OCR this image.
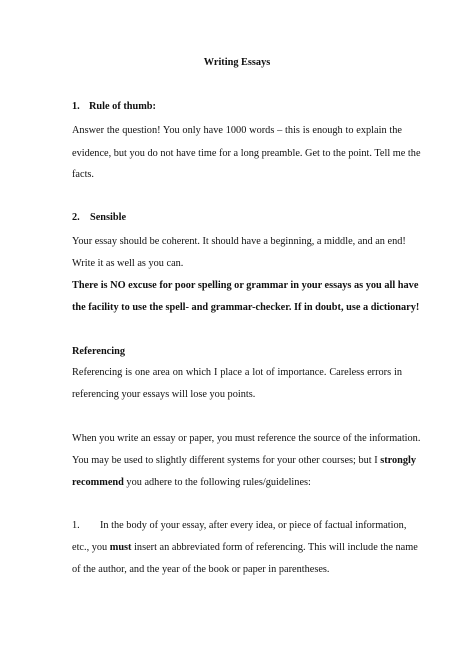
Writing Essays
1. Rule of thumb:
Answer the question! You only have 1000 words – this is enough to explain the
evidence, but you do not have time for a long preamble. Get to the point. Tell me the
facts.
2. Sensible
Your essay should be coherent. It should have a beginning, a middle, and an end!
Write it as well as you can.
There is NO excuse for poor spelling or grammar in your essays as you all have
the facility to use the spell- and grammar-checker. If in doubt, use a dictionary!
Referencing
Referencing is one area on which I place a lot of importance. Careless errors in
referencing your essays will lose you points.
When you write an essay or paper, you must reference the source of the information.
You may be used to slightly different systems for your other courses; but I strongly
recommend you adhere to the following rules/guidelines:
1. In the body of your essay, after every idea, or piece of factual information,
etc., you must insert an abbreviated form of referencing. This will include the name
of the author, and the year of the book or paper in parentheses.
